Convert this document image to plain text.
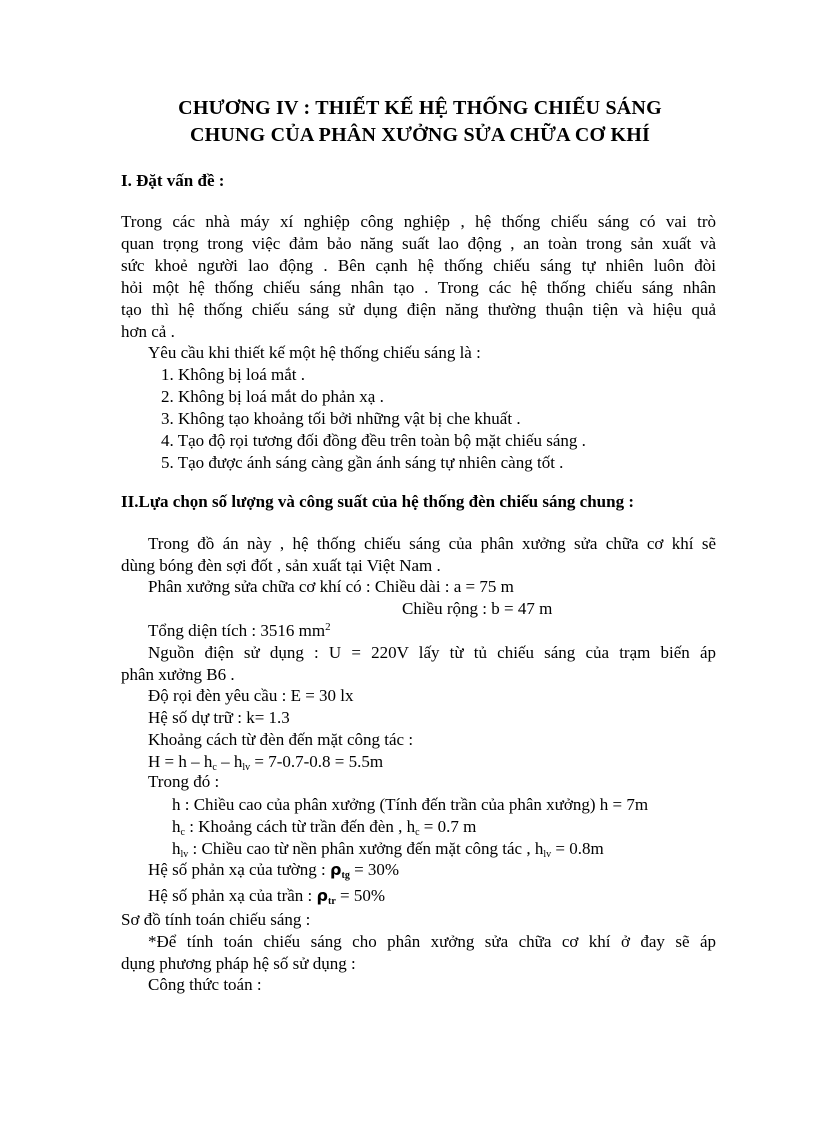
CHƯƠNG IV : THIẾT KẾ HỆ THỐNG CHIẾU SÁNG
CHUNG CỦA PHÂN XƯỞNG SỬA CHỮA CƠ KHÍ
I. Đặt vấn đề :
Trong các nhà máy xí nghiệp công nghiệp , hệ thống chiếu sáng có vai trò
quan trọng trong việc đảm bảo năng suất lao động , an toàn trong sản xuất và
sức khoẻ người lao động . Bên cạnh hệ thống chiếu sáng tự nhiên luôn đòi
hỏi một hệ thống chiếu sáng nhân tạo . Trong các hệ thống chiếu sáng nhân
tạo thì hệ thống chiếu sáng sử dụng điện năng thường thuận tiện và hiệu quả
hơn cả .
Yêu cầu khi thiết kế một hệ thống chiếu sáng là :
1. Không bị loá mắt .
2. Không bị loá mắt do phản xạ .
3. Không tạo khoảng tối bởi những vật bị che khuất .
4. Tạo độ rọi tương đối đồng đều trên toàn bộ mặt chiếu sáng .
5. Tạo được ánh sáng càng gần ánh sáng tự nhiên càng tốt .
II.Lựa chọn số lượng và công suất của hệ thống đèn chiếu sáng chung :
Trong đồ án này , hệ thống chiếu sáng của phân xưởng sửa chữa cơ khí sẽ
dùng bóng đèn sợi đốt , sản xuất tại Việt Nam .
Phân xưởng sửa chữa cơ khí có : Chiều dài : a = 75 m
Chiều rộng : b = 47 m
Tổng diện tích : 3516 $mm^2$
Nguồn điện sử dụng : U = 220V lấy từ tủ chiếu sáng của trạm biến áp
phân xưởng B6 .
Độ rọi đèn yêu cầu : E = 30 lx
Hệ số dự trữ : k= 1.3
Khoảng cách từ đèn đến mặt công tác :
$H = h - h_c - h_{lv} = 7-0.7-0.8 = 5.5m$
Trong đó :
h : Chiều cao của phân xưởng (Tính đến trần của phân xưởng) h = 7m
$h_c$ : Khoảng cách từ trần đến đèn , $h_c = 0.7$ m
$h_{lv}$ : Chiều cao từ nền phân xưởng đến mặt công tác , $h_{lv} = 0.8m$
Hệ số phản xạ của tường : $\rho_{tg} = 30\%$
Hệ số phản xạ của trần : $\rho_{tr} = 50\%$
Sơ đồ tính toán chiếu sáng :
*Để tính toán chiếu sáng cho phân xưởng sửa chữa cơ khí ở đay sẽ áp
dụng phương pháp hệ số sử dụng :
Công thức toán :
